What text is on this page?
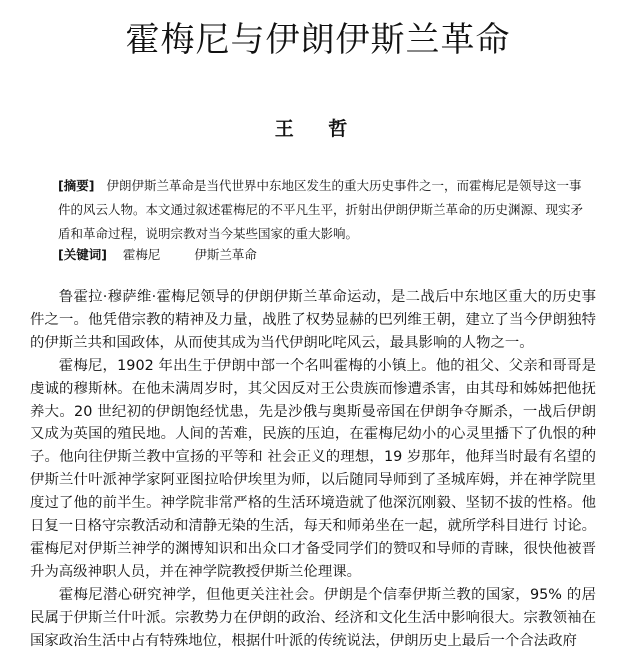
霍梅尼与伊朗伊斯兰革命
王 哲

[摘要] 伊朗伊斯兰革命是当代世界中东地区发生的重大历史事件之一，而霍梅尼是领导这一事件的风云人物。本文通过叙述霍梅尼的不平凡生平，折射出伊朗伊斯兰革命的历史渊源、现实矛盾和革命过程，说明宗教对当今某些国家的重大影响。

[关键词] 霍梅尼	伊斯兰革命

鲁霍拉·穆萨维·霍梅尼领导的伊朗伊斯兰革命运动，是二战后中东地区重大的历史事件之一。他凭借宗教的精神及力量，战胜了权势显赫的巴列维王朝，建立了当今伊朗独特的伊斯兰共和国政体，从而使其成为当代伊朗叱咤风云，最具影响的人物之一。

霍梅尼，1902 年出生于伊朗中部一个名叫霍梅的小镇上。他的祖父、父亲和哥哥是虔诚的穆斯林。在他未满周岁时，其父因反对王公贵族而惨遭杀害，由其母和姊姊把他抚养大。20 世纪初的伊朗饱经忧患，先是沙俄与奥斯曼帝国在伊朗争夺厮杀，一战后伊朗又成为英国的殖民地。人间的苦难，民族的压迫，在霍梅尼幼小的心灵里播下了仇恨的种子。他向往伊斯兰教中宣扬的平等和 社会正义的理想，19 岁那年，他拜当时最有名望的伊斯兰什叶派神学家阿亚图拉哈伊埃里为师，以后随同导师到了圣城库姆，并在神学院里度过了他的前半生。神学院非常严格的生活环境造就了他深沉刚毅、坚韧不拔的性格。他日复一日格守宗教活动和清静无染的生活，每天和师弟坐在一起，就所学科目进行 讨论。霍梅尼对伊斯兰神学的渊博知识和出众口才备受同学们的赞叹和导师的青睐，很快他被晋升为高级神职人员，并在神学院教授伊斯兰伦理课。

霍梅尼潜心研究神学，但他更关注社会。伊朗是个信奉伊斯兰教的国家，95% 的居民属于伊斯兰什叶派。宗教势力在伊朗的政治、经济和文化生活中影响很大。宗教领袖在国家政治生活中占有特殊地位，根据什叶派的传统说法，伊朗历史上最后一个合法政府
